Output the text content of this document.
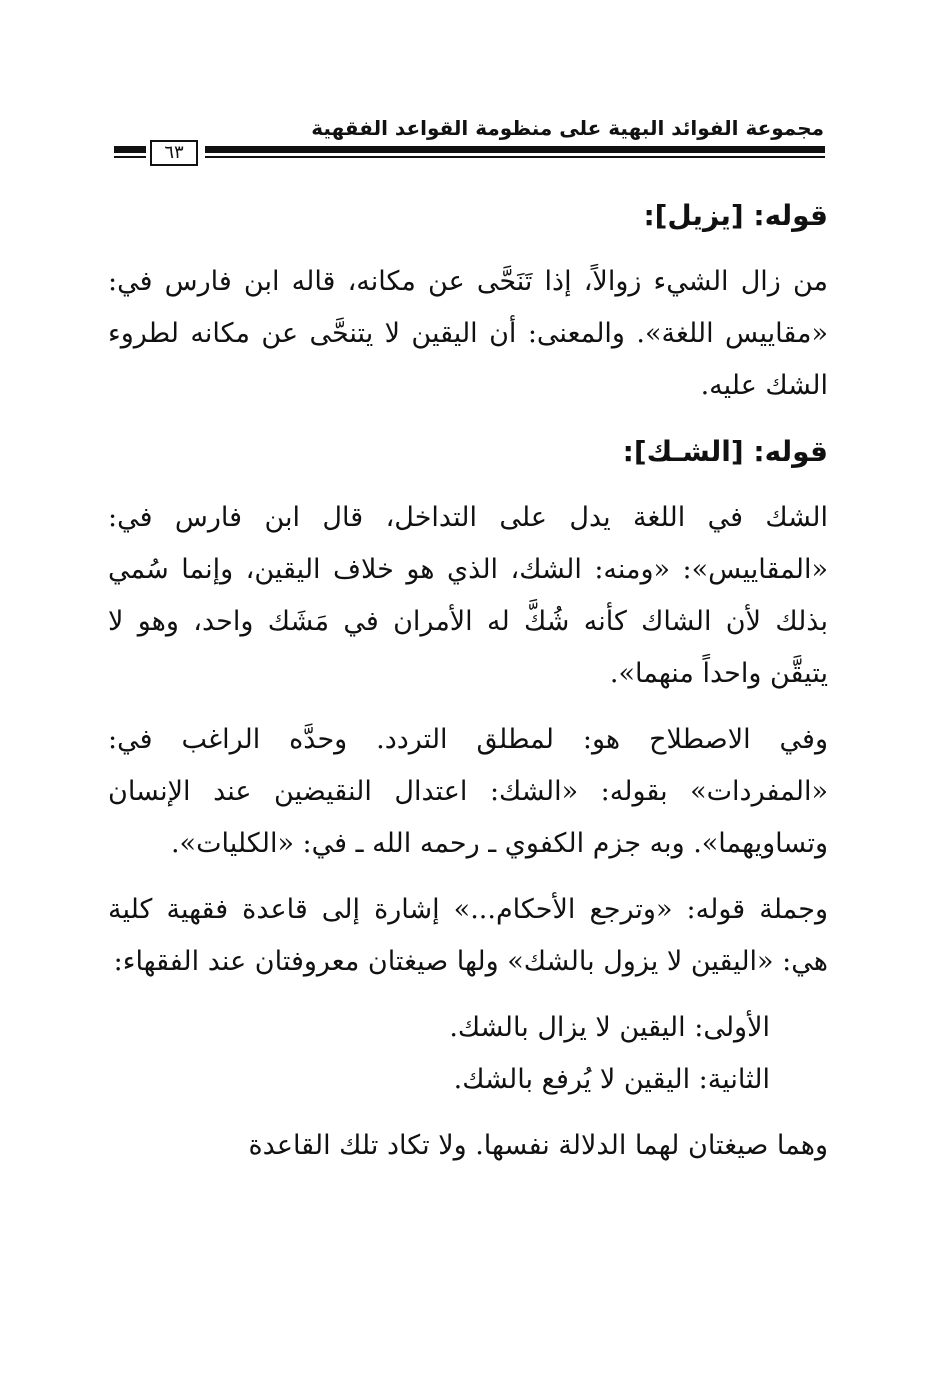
مجموعة الفوائد البهية على منظومة القواعد الفقهية
٦٣

قوله: [يزيل]:

من زال الشيء زوالاً، إذا تَنَحَّى عن مكانه، قاله ابن فارس في: «مقاييس اللغة». والمعنى: أن اليقين لا يتنحَّى عن مكانه لطروء الشك عليه.

قوله: [الشـك]:

الشك في اللغة يدل على التداخل، قال ابن فارس في: «المقاييس»: «ومنه: الشك، الذي هو خلاف اليقين، وإنما سُمي بذلك لأن الشاك كأنه شُكَّ له الأمران في مَشَك واحد، وهو لا يتيقَّن واحداً منهما».

وفي الاصطلاح هو: لمطلق التردد. وحدَّه الراغب في: «المفردات» بقوله: «الشك: اعتدال النقيضين عند الإنسان وتساويهما». وبه جزم الكفوي ـ رحمه الله ـ في: «الكليات».

وجملة قوله: «وترجع الأحكام...» إشارة إلى قاعدة فقهية كلية هي: «اليقين لا يزول بالشك» ولها صيغتان معروفتان عند الفقهاء:

الأولى: اليقين لا يزال بالشك.

الثانية: اليقين لا يُرفع بالشك.

وهما صيغتان لهما الدلالة نفسها. ولا تكاد تلك القاعدة
